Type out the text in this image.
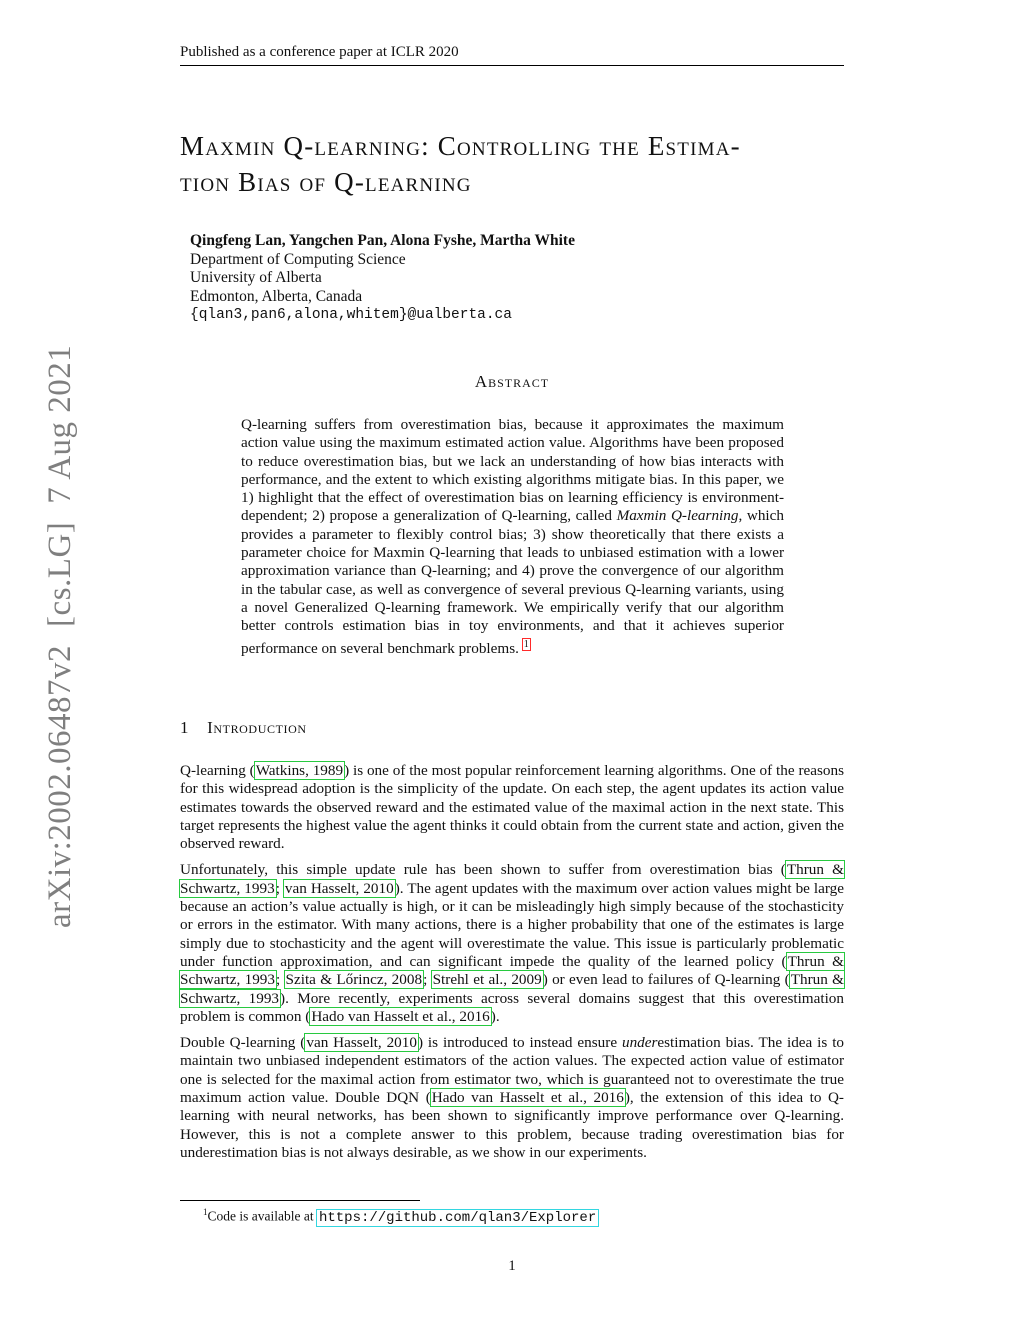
Published as a conference paper at ICLR 2020
Maxmin Q-learning: Controlling the Estima-
tion Bias of Q-learning
Qingfeng Lan, Yangchen Pan, Alona Fyshe, Martha White
Department of Computing Science
University of Alberta
Edmonton, Alberta, Canada
{qlan3,pan6,alona,whitem}@ualberta.ca
Abstract
Q-learning suffers from overestimation bias, because it approximates the maximum action value using the maximum estimated action value. Algorithms have been proposed to reduce overestimation bias, but we lack an understanding of how bias interacts with performance, and the extent to which existing algorithms mitigate bias. In this paper, we 1) highlight that the effect of overestimation bias on learning efficiency is environment-dependent; 2) propose a generalization of Q-learning, called Maxmin Q-learning, which provides a parameter to flexibly control bias; 3) show theoretically that there exists a parameter choice for Maxmin Q-learning that leads to unbiased estimation with a lower approximation variance than Q-learning; and 4) prove the convergence of our algorithm in the tabular case, as well as convergence of several previous Q-learning variants, using a novel Generalized Q-learning framework. We empirically verify that our algorithm better controls estimation bias in toy environments, and that it achieves superior performance on several benchmark problems. $^1$
1 Introduction

Q-learning (Watkins, 1989) is one of the most popular reinforcement learning algorithms. One of the reasons for this widespread adoption is the simplicity of the update. On each step, the agent updates its action value estimates towards the observed reward and the estimated value of the maximal action in the next state. This target represents the highest value the agent thinks it could obtain from the current state and action, given the observed reward.

Unfortunately, this simple update rule has been shown to suffer from overestimation bias (Thrun & Schwartz, 1993; van Hasselt, 2010). The agent updates with the maximum over action values might be large because an action’s value actually is high, or it can be misleadingly high simply because of the stochasticity or errors in the estimator. With many actions, there is a higher probability that one of the estimates is large simply due to stochasticity and the agent will overestimate the value. This issue is particularly problematic under function approximation, and can significant impede the quality of the learned policy (Thrun & Schwartz, 1993; Szita & Lőrincz, 2008; Strehl et al., 2009) or even lead to failures of Q-learning (Thrun & Schwartz, 1993). More recently, experiments across several domains suggest that this overestimation problem is common (Hado van Hasselt et al., 2016).

Double Q-learning (van Hasselt, 2010) is introduced to instead ensure underestimation bias. The idea is to maintain two unbiased independent estimators of the action values. The expected action value of estimator one is selected for the maximal action from estimator two, which is guaranteed not to overestimate the true maximum action value. Double DQN (Hado van Hasselt et al., 2016), the extension of this idea to Q-learning with neural networks, has been shown to significantly improve performance over Q-learning. However, this is not a complete answer to this problem, because trading overestimation bias for underestimation bias is not always desirable, as we show in our experiments.

$^1$Code is available at https://github.com/qlan3/Explorer
1
arXiv:2002.06487v2[cs.LG]7 Aug 2021
